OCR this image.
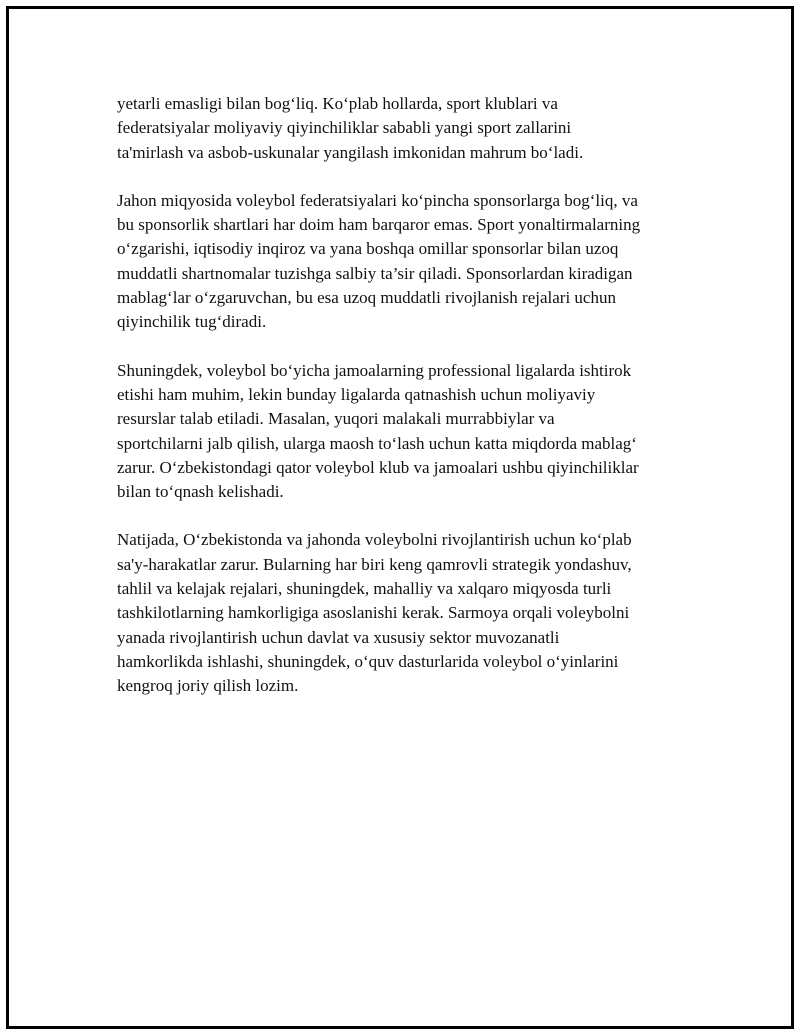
yetarli emasligi bilan bog‘liq. Ko‘plab hollarda, sport klublari va
federatsiyalar moliyaviy qiyinchiliklar sababli yangi sport zallarini
ta'mirlash va asbob-uskunalar yangilash imkonidan mahrum bo‘ladi.

Jahon miqyosida voleybol federatsiyalari ko‘pincha sponsorlarga bog‘liq, va
bu sponsorlik shartlari har doim ham barqaror emas. Sport yonaltirmalarning
o‘zgarishi, iqtisodiy inqiroz va yana boshqa omillar sponsorlar bilan uzoq
muddatli shartnomalar tuzishga salbiy ta’sir qiladi. Sponsorlardan kiradigan
mablag‘lar o‘zgaruvchan, bu esa uzoq muddatli rivojlanish rejalari uchun
qiyinchilik tug‘diradi.

Shuningdek, voleybol bo‘yicha jamoalarning professional ligalarda ishtirok
etishi ham muhim, lekin bunday ligalarda qatnashish uchun moliyaviy
resurslar talab etiladi. Masalan, yuqori malakali murrabbiylar va
sportchilarni jalb qilish, ularga maosh to‘lash uchun katta miqdorda mablag‘
zarur. O‘zbekistondagi qator voleybol klub va jamoalari ushbu qiyinchiliklar
bilan to‘qnash kelishadi.

Natijada, O‘zbekistonda va jahonda voleybolni rivojlantirish uchun ko‘plab
sa'y-harakatlar zarur. Bularning har biri keng qamrovli strategik yondashuv,
tahlil va kelajak rejalari, shuningdek, mahalliy va xalqaro miqyosda turli
tashkilotlarning hamkorligiga asoslanishi kerak. Sarmoya orqali voleybolni
yanada rivojlantirish uchun davlat va xususiy sektor muvozanatli
hamkorlikda ishlashi, shuningdek, o‘quv dasturlarida voleybol o‘yinlarini
kengroq joriy qilish lozim.
